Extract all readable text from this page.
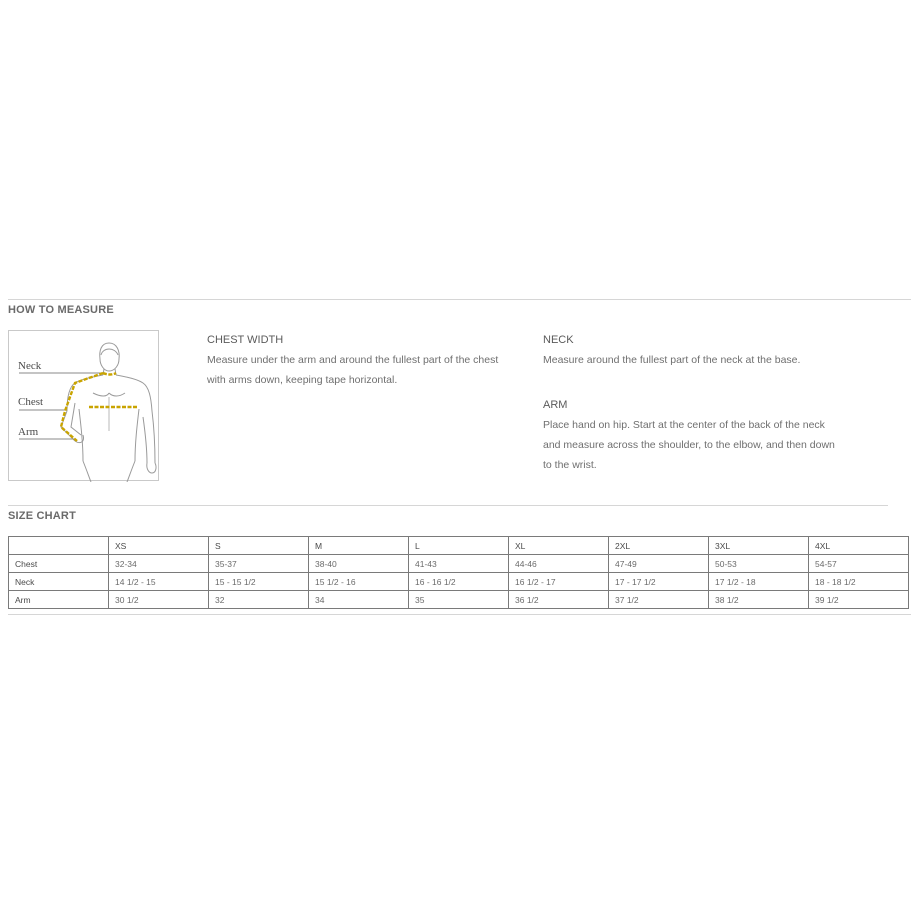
HOW TO MEASURE
Neck
Chest
Arm
CHEST WIDTH
Measure under the arm and around the fullest part of the chest
with arms down, keeping tape horizontal.
NECK
Measure around the fullest part of the neck at the base.
ARM
Place hand on hip. Start at the center of the back of the neck
and measure across the shoulder, to the elbow, and then down
to the wrist.
SIZE CHART
	XS	S	M	L	XL	2XL	3XL	4XL
Chest	32-34	35-37	38-40	41-43	44-46	47-49	50-53	54-57
Neck	14 1/2 - 15	15 - 15 1/2	15 1/2 - 16	16 - 16 1/2	16 1/2 - 17	17 - 17 1/2	17 1/2 - 18	18 - 18 1/2
Arm	30 1/2	32	34	35	36 1/2	37 1/2	38 1/2	39 1/2
